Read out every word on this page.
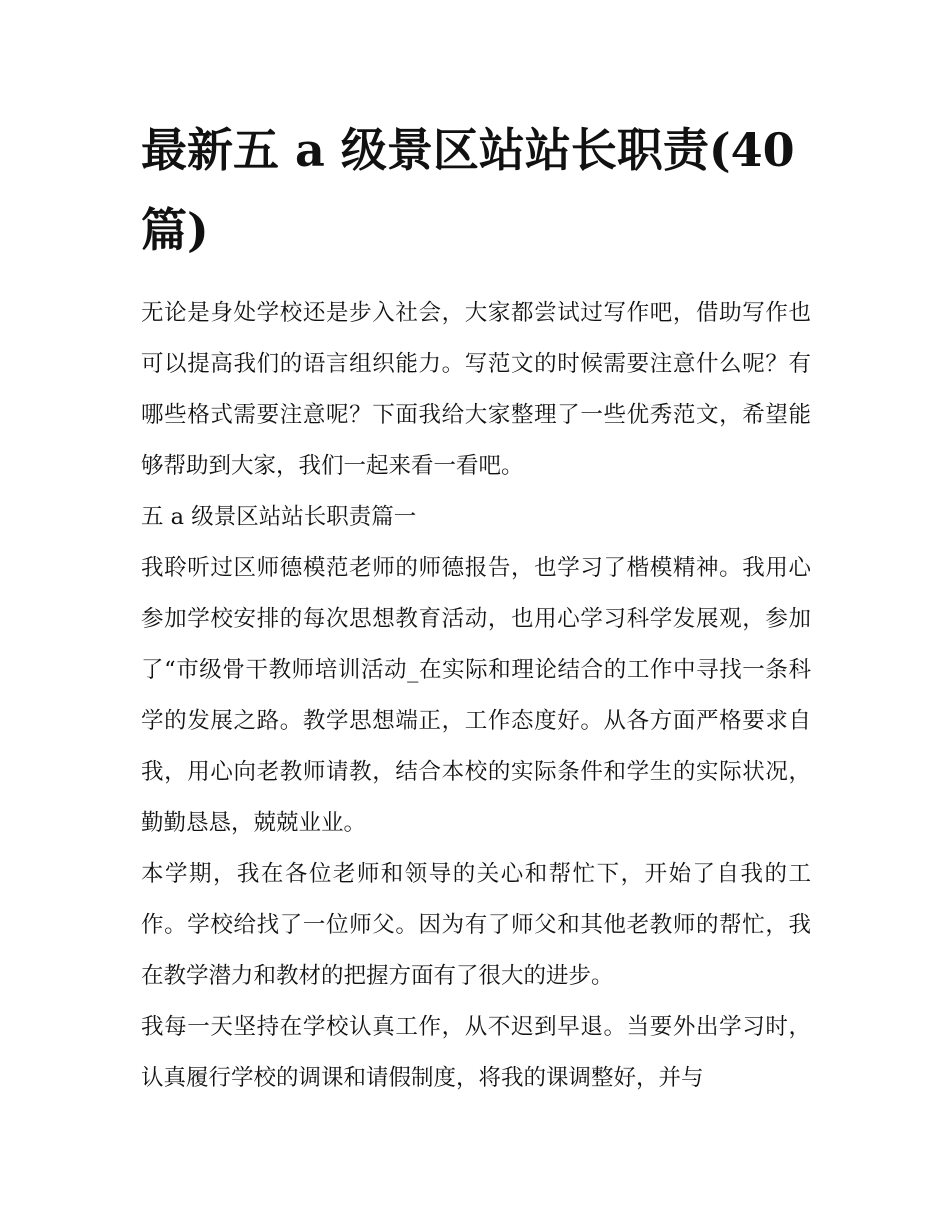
最新五 a 级景区站站长职责(40篇)

无论是身处学校还是步入社会，大家都尝试过写作吧，借助写作也可以提高我们的语言组织能力。写范文的时候需要注意什么呢？有哪些格式需要注意呢？下面我给大家整理了一些优秀范文，希望能够帮助到大家，我们一起来看一看吧。

五 a 级景区站站长职责篇一

我聆听过区师德模范老师的师德报告，也学习了楷模精神。我用心参加学校安排的每次思想教育活动，也用心学习科学发展观，参加了“市级骨干教师培训活动_在实际和理论结合的工作中寻找一条科学的发展之路。教学思想端正，工作态度好。从各方面严格要求自我，用心向老教师请教，结合本校的实际条件和学生的实际状况，勤勤恳恳，兢兢业业。

本学期，我在各位老师和领导的关心和帮忙下，开始了自我的工作。学校给找了一位师父。因为有了师父和其他老教师的帮忙，我在教学潜力和教材的把握方面有了很大的进步。

我每一天坚持在学校认真工作，从不迟到早退。当要外出学习时，认真履行学校的调课和请假制度，将我的课调整好，并与
